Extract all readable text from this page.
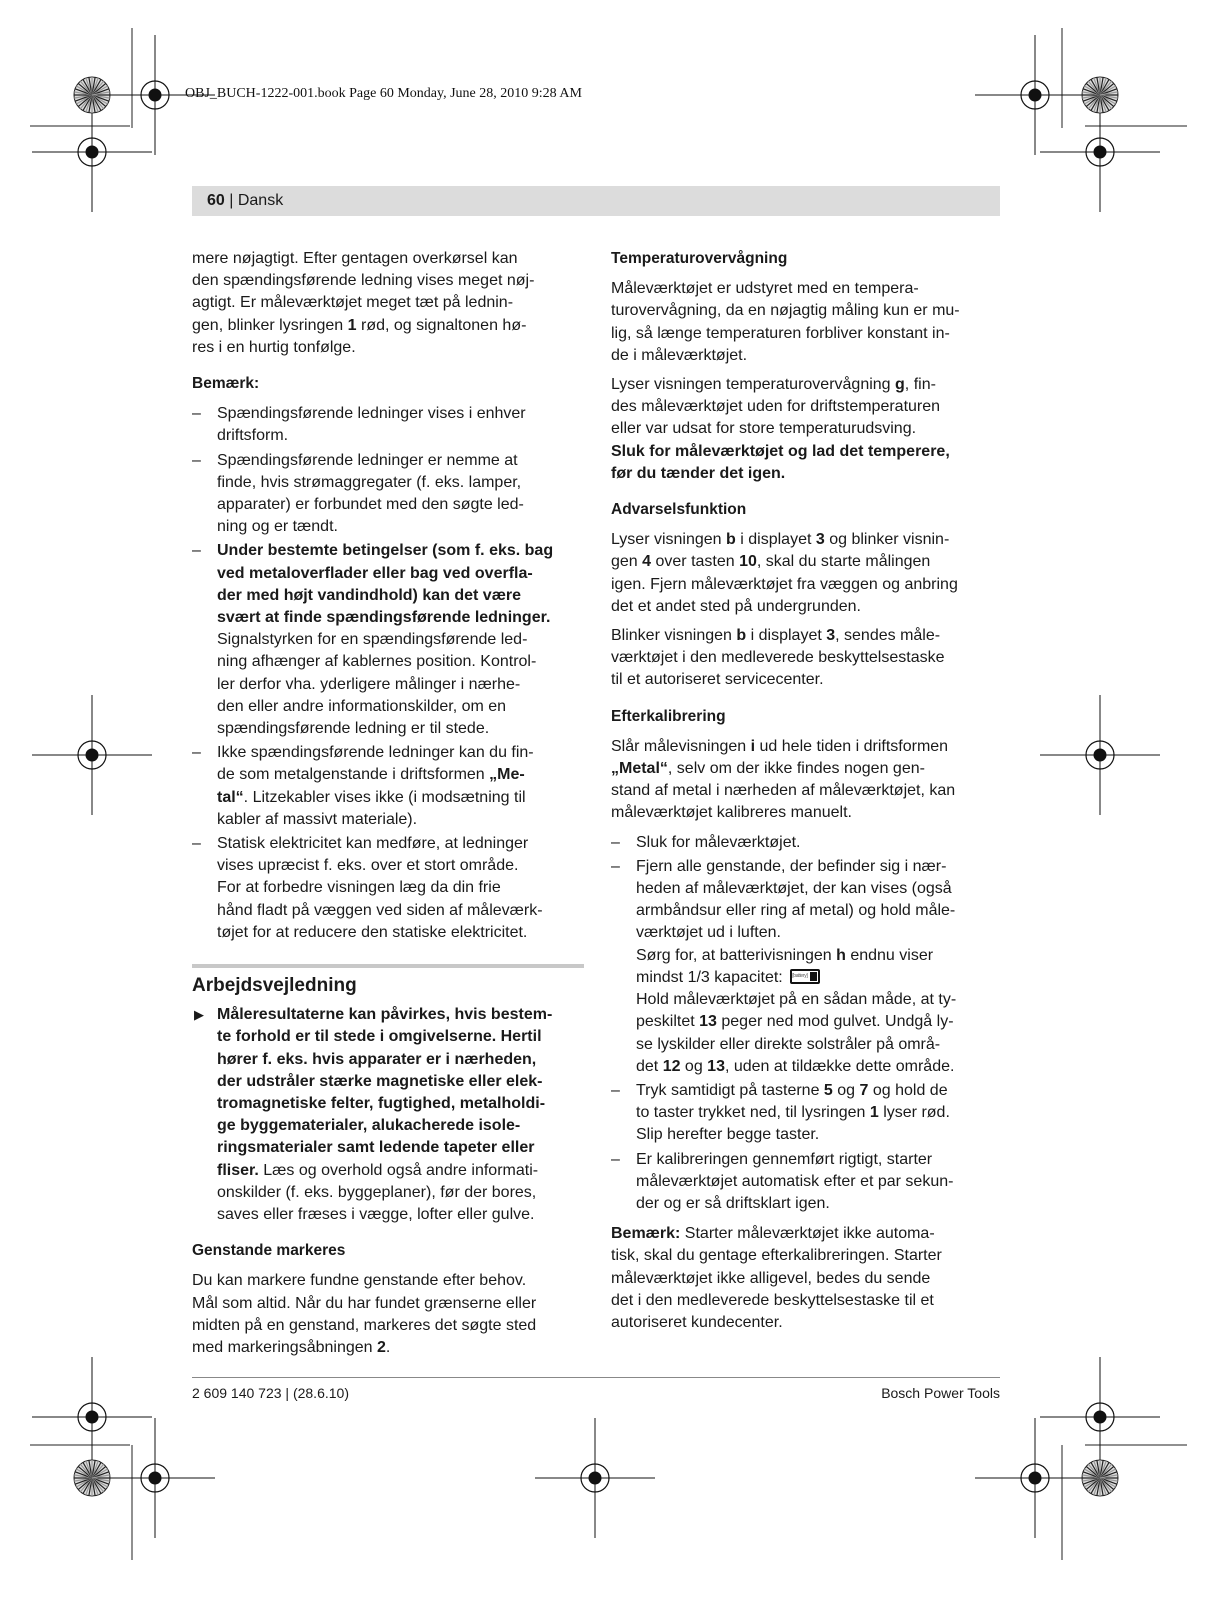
OBJ_BUCH-1222-001.book Page 60 Monday, June 28, 2010 9:28 AM
60 | Dansk
mere nøjagtigt. Efter gentagen overkørsel kan
den spændingsførende ledning vises meget nøj-
agtigt. Er måleværktøjet meget tæt på lednin-
gen, blinker lysringen 1 rød, og signaltonen hø-
res i en hurtig tonfølge.
Bemærk:
– Spændingsførende ledninger vises i enhver
driftsform.
– Spændingsførende ledninger er nemme at
finde, hvis strømaggregater (f. eks. lamper,
apparater) er forbundet med den søgte led-
ning og er tændt.
– Under bestemte betingelser (som f. eks. bag
ved metaloverflader eller bag ved overfla-
der med højt vandindhold) kan det være
svært at finde spændingsførende ledninger.
Signalstyrken for en spændingsførende led-
ning afhænger af kablernes position. Kontrol-
ler derfor vha. yderligere målinger i nærhe-
den eller andre informationskilder, om en
spændingsførende ledning er til stede.
– Ikke spændingsførende ledninger kan du fin-
de som metalgenstande i driftsformen „Me-
tal“. Litzekabler vises ikke (i modsætning til
kabler af massivt materiale).
– Statisk elektricitet kan medføre, at ledninger
vises upræcist f. eks. over et stort område.
For at forbedre visningen læg da din frie
hånd fladt på væggen ved siden af måleværk-
tøjet for at reducere den statiske elektricitet.
Arbejdsvejledning
▶ Måleresultaterne kan påvirkes, hvis bestem-
te forhold er til stede i omgivelserne. Hertil
hører f. eks. hvis apparater er i nærheden,
der udstråler stærke magnetiske eller elek-
tromagnetiske felter, fugtighed, metalholdi-
ge byggematerialer, alukacherede isole-
ringsmaterialer samt ledende tapeter eller
fliser. Læs og overhold også andre informati-
onskilder (f. eks. byggeplaner), før der bores,
saves eller fræses i vægge, lofter eller gulve.
Genstande markeres
Du kan markere fundne genstande efter behov.
Mål som altid. Når du har fundet grænserne eller
midten på en genstand, markeres det søgte sted
med markeringsåbningen 2.
Temperaturovervågning
Måleværktøjet er udstyret med en tempera-
turovervågning, da en nøjagtig måling kun er mu-
lig, så længe temperaturen forbliver konstant in-
de i måleværktøjet.
Lyser visningen temperaturovervågning g, fin-
des måleværktøjet uden for driftstemperaturen
eller var udsat for store temperaturudsving.
Sluk for måleværktøjet og lad det temperere,
før du tænder det igen.
Advarselsfunktion
Lyser visningen b i displayet 3 og blinker visnin-
gen 4 over tasten 10, skal du starte målingen
igen. Fjern måleværktøjet fra væggen og anbring
det et andet sted på undergrunden.
Blinker visningen b i displayet 3, sendes måle-
værktøjet i den medleverede beskyttelsestaske
til et autoriseret servicecenter.
Efterkalibrering
Slår målevisningen i ud hele tiden i driftsformen
„Metal“, selv om der ikke findes nogen gen-
stand af metal i nærheden af måleværktøjet, kan
måleværktøjet kalibreres manuelt.
– Sluk for måleværktøjet.
– Fjern alle genstande, der befinder sig i nær-
heden af måleværktøjet, der kan vises (også
armbåndsur eller ring af metal) og hold måle-
værktøjet ud i luften.
Sørg for, at batterivisningen h endnu viser
mindst 1/3 kapacitet: [battery]
Hold måleværktøjet på en sådan måde, at ty-
peskiltet 13 peger ned mod gulvet. Undgå ly-
se lyskilder eller direkte solstråler på områ-
det 12 og 13, uden at tildække dette område.
– Tryk samtidigt på tasterne 5 og 7 og hold de
to taster trykket ned, til lysringen 1 lyser rød.
Slip herefter begge taster.
– Er kalibreringen gennemført rigtigt, starter
måleværktøjet automatisk efter et par sekun-
der og er så driftsklart igen.
Bemærk: Starter måleværktøjet ikke automa-
tisk, skal du gentage efterkalibreringen. Starter
måleværktøjet ikke alligevel, bedes du sende
det i den medleverede beskyttelsestaske til et
autoriseret kundecenter.
2 609 140 723 | (28.6.10)	Bosch Power Tools
